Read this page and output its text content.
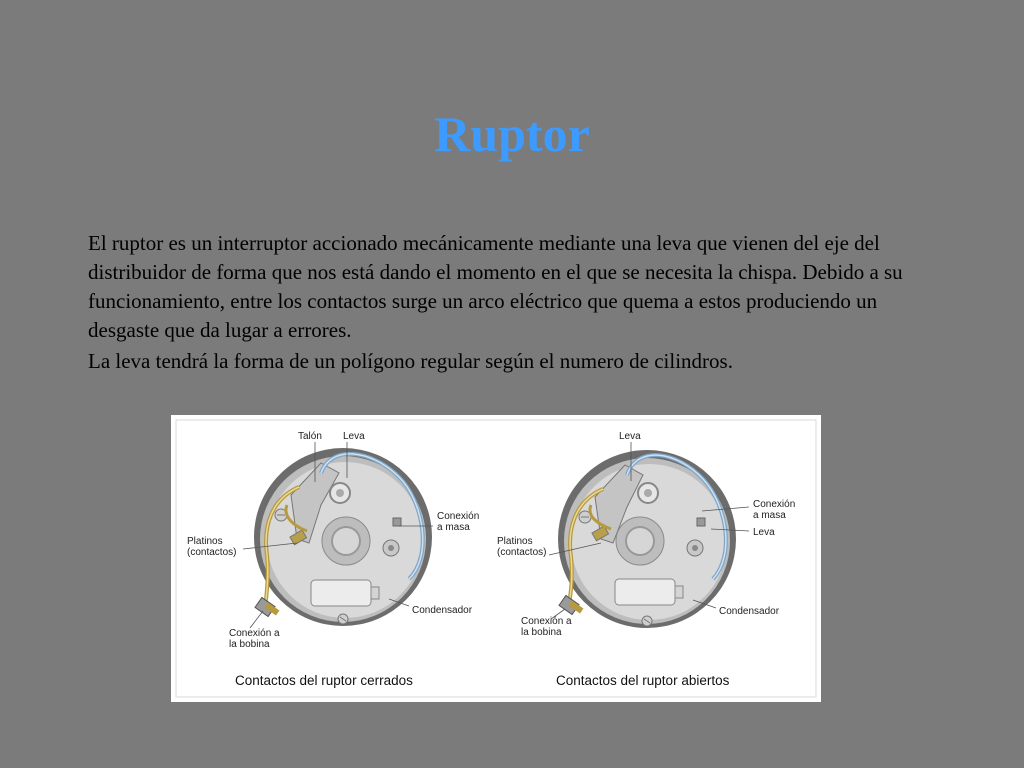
Ruptor

El ruptor es un interruptor accionado mecánicamente mediante una leva que vienen del eje del distribuidor de forma que nos está dando el momento en el que se necesita la chispa. Debido a su funcionamiento, entre los contactos surge un arco eléctrico que quema a estos produciendo un desgaste que da lugar a errores.

La leva tendrá la forma de un polígono regular según el numero de cilindros.

Talón Leva
Conexión
a masa
Platinos
(contactos)
Condensador
Conexión a
la bobina
Leva
Conexión
a masa
Leva
Platinos
(contactos)
Condensador
Conexión a
la bobina
Contactos del ruptor cerrados	Contactos del ruptor abiertos
